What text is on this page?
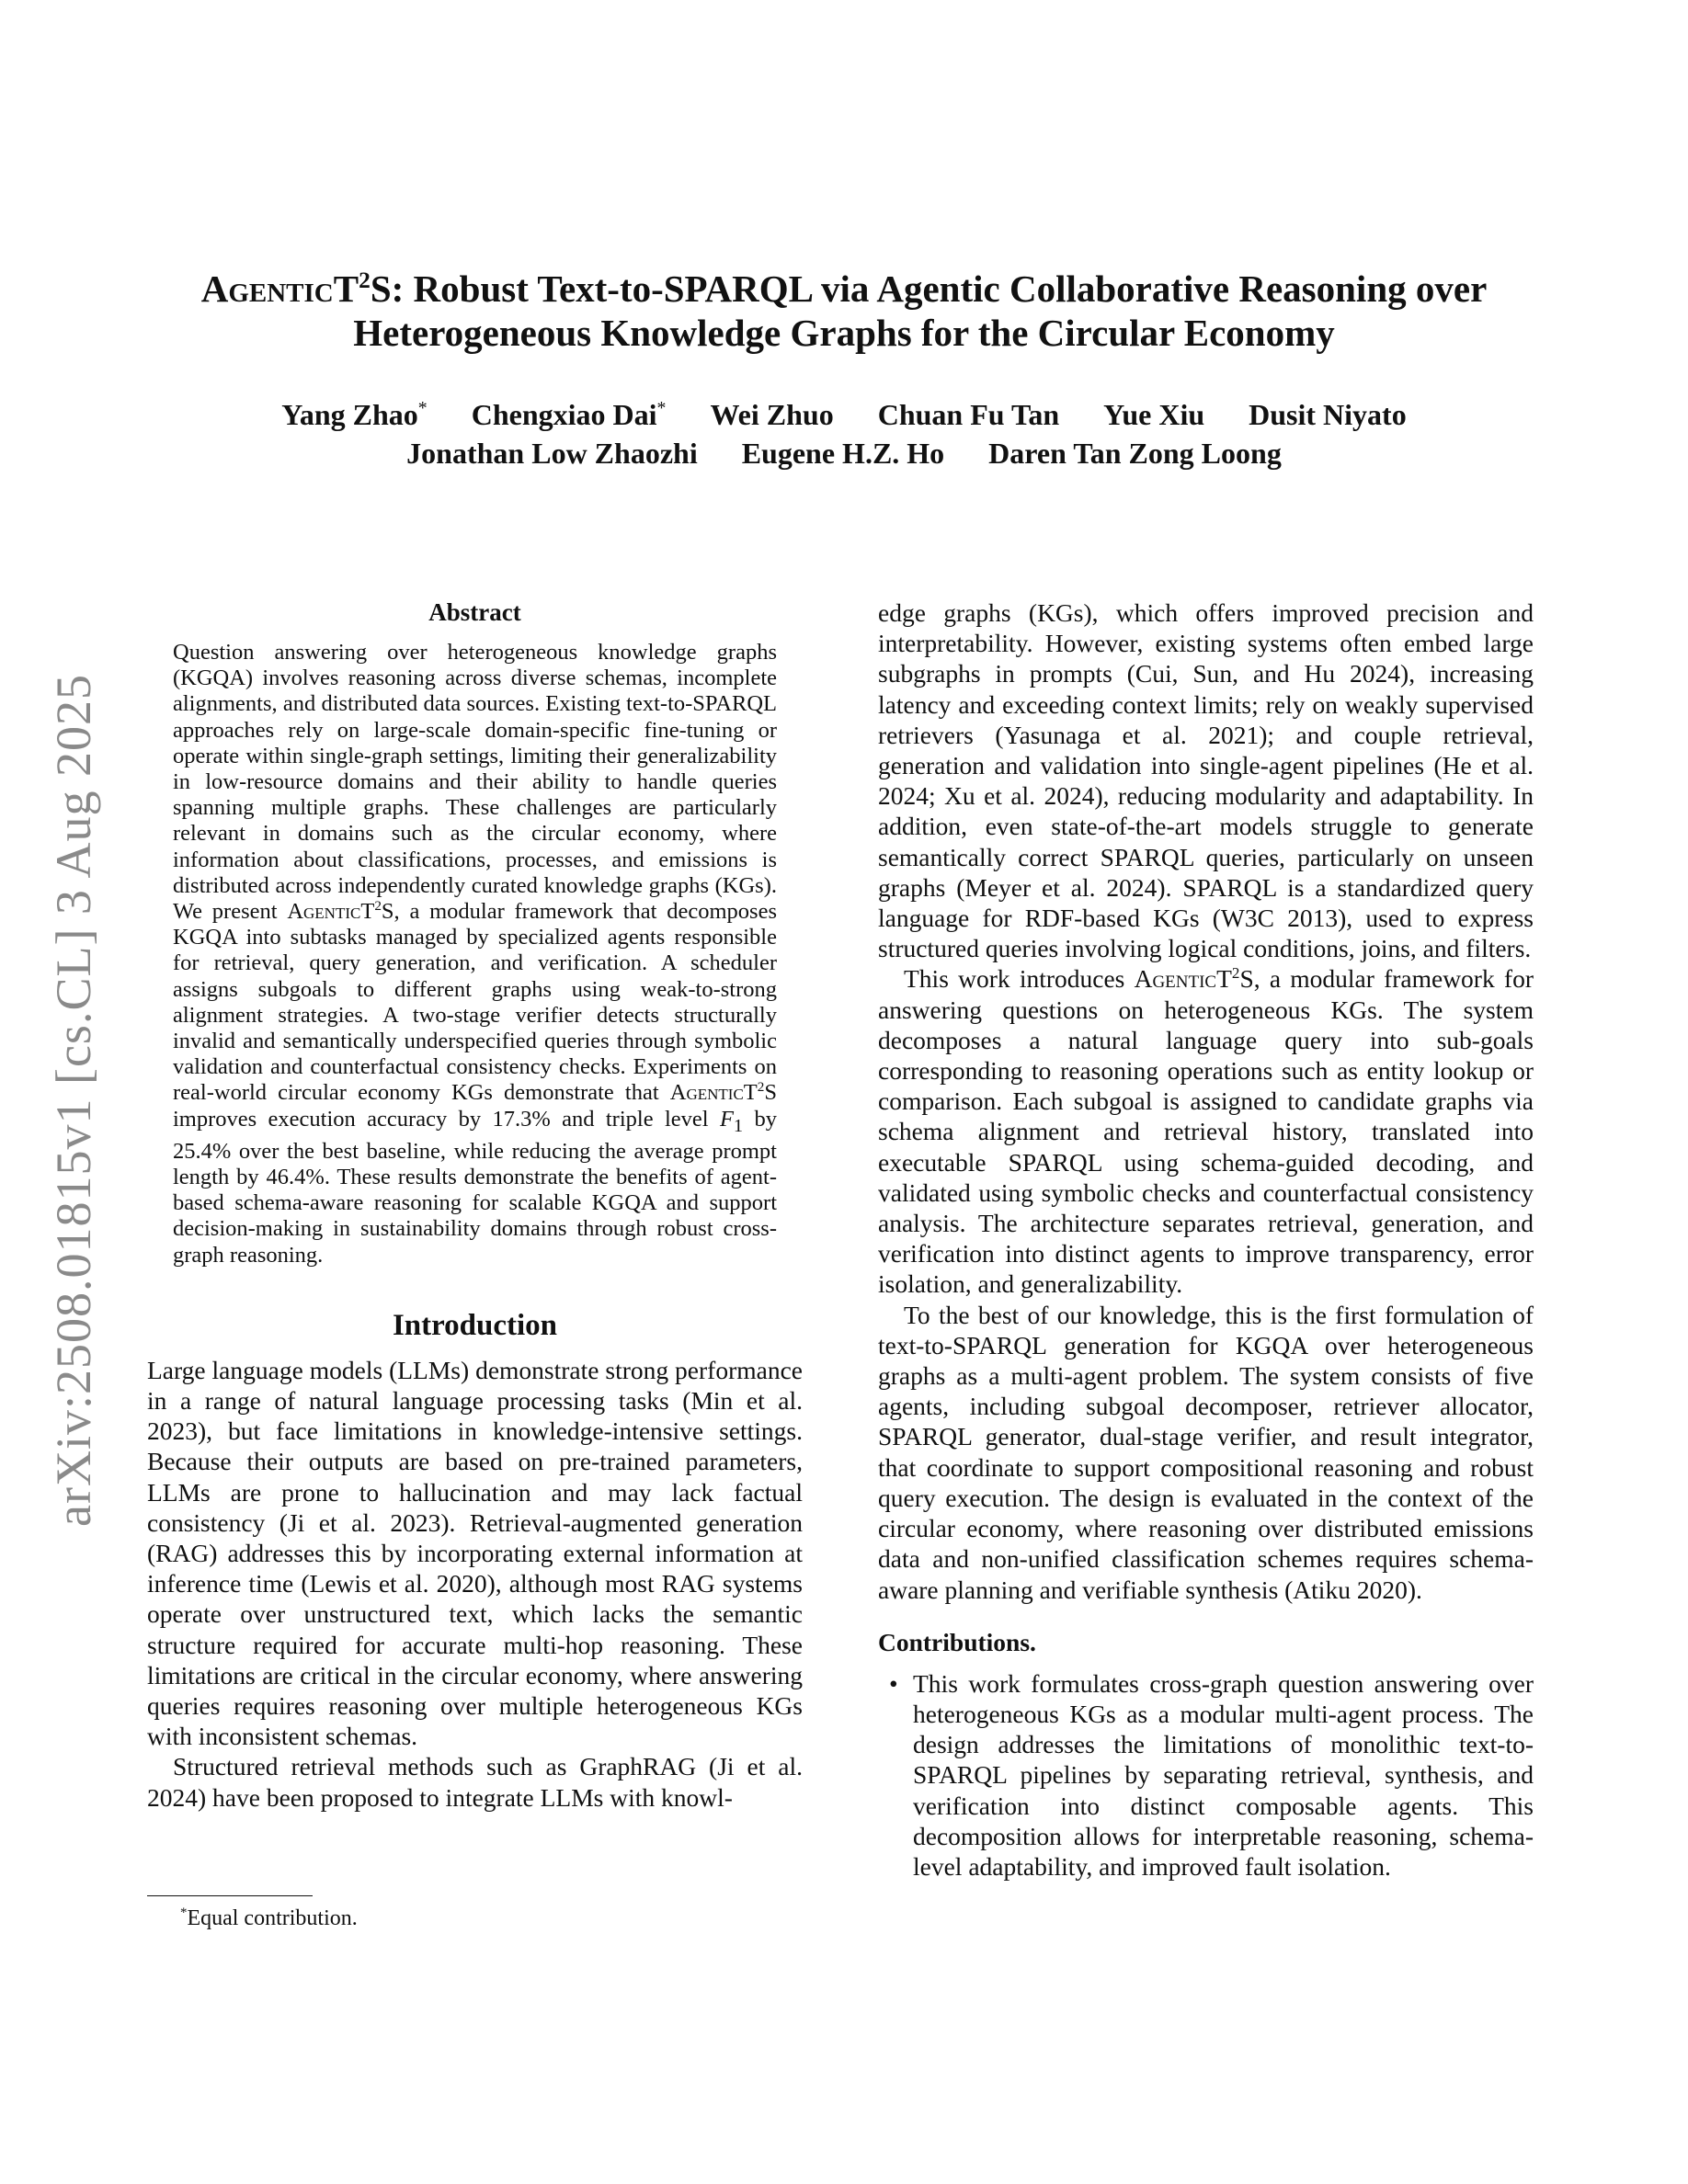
arXiv:2508.01815v1 [cs.CL] 3 Aug 2025
AgenticT$^2$S: Robust Text-to-SPARQL via Agentic Collaborative Reasoning over
Heterogeneous Knowledge Graphs for the Circular Economy
Yang Zhao* Chengxiao Dai* Wei Zhuo Chuan Fu Tan Yue Xiu Dusit Niyato
Jonathan Low Zhaozhi Eugene H.Z. Ho Daren Tan Zong Loong
Abstract

Question answering over heterogeneous knowledge graphs (KGQA) involves reasoning across diverse schemas, incomplete alignments, and distributed data sources. Existing text-to-SPARQL approaches rely on large-scale domain-specific fine-tuning or operate within single-graph settings, limiting their generalizability in low-resource domains and their ability to handle queries spanning multiple graphs. These challenges are particularly relevant in domains such as the circular economy, where information about classifications, processes, and emissions is distributed across independently curated knowledge graphs (KGs). We present AgenticT$^2$S, a modular framework that decomposes KGQA into subtasks managed by specialized agents responsible for retrieval, query generation, and verification. A scheduler assigns subgoals to different graphs using weak-to-strong alignment strategies. A two-stage verifier detects structurally invalid and semantically underspecified queries through symbolic validation and counterfactual consistency checks. Experiments on real-world circular economy KGs demonstrate that AgenticT$^2$S improves execution accuracy by 17.3% and triple level $F_1$ by 25.4% over the best baseline, while reducing the average prompt length by 46.4%. These results demonstrate the benefits of agent-based schema-aware reasoning for scalable KGQA and support decision-making in sustainability domains through robust cross-graph reasoning.

Introduction

Large language models (LLMs) demonstrate strong performance in a range of natural language processing tasks (Min et al. 2023), but face limitations in knowledge-intensive settings. Because their outputs are based on pre-trained parameters, LLMs are prone to hallucination and may lack factual consistency (Ji et al. 2023). Retrieval-augmented generation (RAG) addresses this by incorporating external information at inference time (Lewis et al. 2020), although most RAG systems operate over unstructured text, which lacks the semantic structure required for accurate multi-hop reasoning. These limitations are critical in the circular economy, where answering queries requires reasoning over multiple heterogeneous KGs with inconsistent schemas.

Structured retrieval methods such as GraphRAG (Ji et al. 2024) have been proposed to integrate LLMs with knowl-

*Equal contribution.

edge graphs (KGs), which offers improved precision and interpretability. However, existing systems often embed large subgraphs in prompts (Cui, Sun, and Hu 2024), increasing latency and exceeding context limits; rely on weakly supervised retrievers (Yasunaga et al. 2021); and couple retrieval, generation and validation into single-agent pipelines (He et al. 2024; Xu et al. 2024), reducing modularity and adaptability. In addition, even state-of-the-art models struggle to generate semantically correct SPARQL queries, particularly on unseen graphs (Meyer et al. 2024). SPARQL is a standardized query language for RDF-based KGs (W3C 2013), used to express structured queries involving logical conditions, joins, and filters.

This work introduces AgenticT$^2$S, a modular framework for answering questions on heterogeneous KGs. The system decomposes a natural language query into sub-goals corresponding to reasoning operations such as entity lookup or comparison. Each subgoal is assigned to candidate graphs via schema alignment and retrieval history, translated into executable SPARQL using schema-guided decoding, and validated using symbolic checks and counterfactual consistency analysis. The architecture separates retrieval, generation, and verification into distinct agents to improve transparency, error isolation, and generalizability.

To the best of our knowledge, this is the first formulation of text-to-SPARQL generation for KGQA over heterogeneous graphs as a multi-agent problem. The system consists of five agents, including subgoal decomposer, retriever allocator, SPARQL generator, dual-stage verifier, and result integrator, that coordinate to support compositional reasoning and robust query execution. The design is evaluated in the context of the circular economy, where reasoning over distributed emissions data and non-unified classification schemes requires schema-aware planning and verifiable synthesis (Atiku 2020).

Contributions.
• This work formulates cross-graph question answering over heterogeneous KGs as a modular multi-agent process. The design addresses the limitations of monolithic text-to-SPARQL pipelines by separating retrieval, synthesis, and verification into distinct composable agents. This decomposition allows for interpretable reasoning, schema-level adaptability, and improved fault isolation.
